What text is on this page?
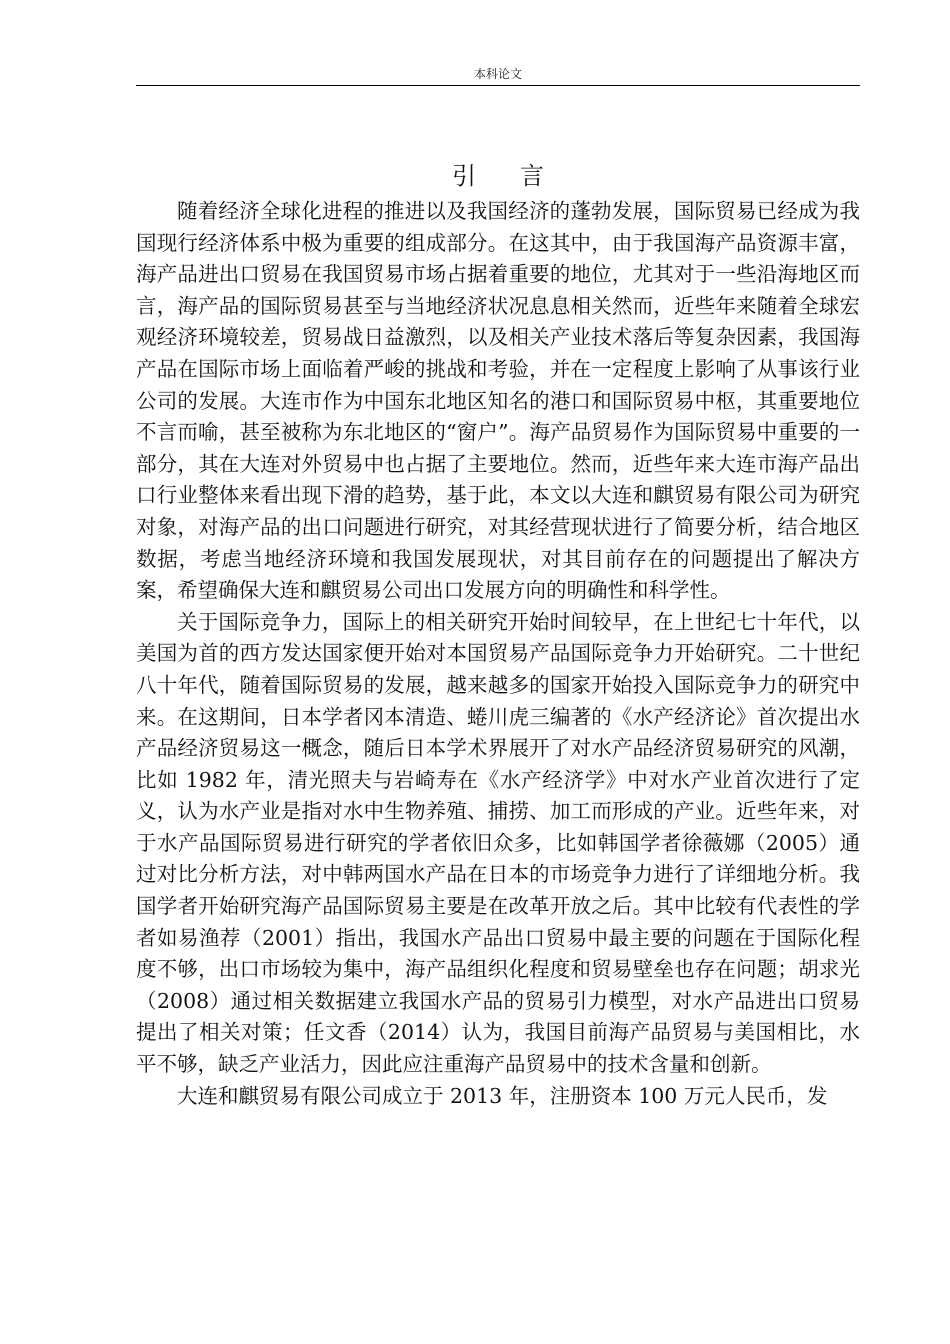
本科论文
引言

随着经济全球化进程的推进以及我国经济的蓬勃发展，国际贸易已经成为我国现行经济体系中极为重要的组成部分。在这其中，由于我国海产品资源丰富，海产品进出口贸易在我国贸易市场占据着重要的地位，尤其对于一些沿海地区而言，海产品的国际贸易甚至与当地经济状况息息相关然而，近些年来随着全球宏观经济环境较差，贸易战日益激烈，以及相关产业技术落后等复杂因素，我国海产品在国际市场上面临着严峻的挑战和考验，并在一定程度上影响了从事该行业公司的发展。大连市作为中国东北地区知名的港口和国际贸易中枢，其重要地位不言而喻，甚至被称为东北地区的“窗户”。海产品贸易作为国际贸易中重要的一部分，其在大连对外贸易中也占据了主要地位。然而，近些年来大连市海产品出口行业整体来看出现下滑的趋势，基于此，本文以大连和麒贸易有限公司为研究对象，对海产品的出口问题进行研究，对其经营现状进行了简要分析，结合地区数据，考虑当地经济环境和我国发展现状，对其目前存在的问题提出了解决方案，希望确保大连和麒贸易公司出口发展方向的明确性和科学性。

关于国际竞争力，国际上的相关研究开始时间较早，在上世纪七十年代，以美国为首的西方发达国家便开始对本国贸易产品国际竞争力开始研究。二十世纪八十年代，随着国际贸易的发展，越来越多的国家开始投入国际竞争力的研究中来。在这期间，日本学者冈本清造、蜷川虎三编著的《水产经济论》首次提出水产品经济贸易这一概念，随后日本学术界展开了对水产品经济贸易研究的风潮，比如 1982 年，清光照夫与岩崎寿在《水产经济学》中对水产业首次进行了定义，认为水产业是指对水中生物养殖、捕捞、加工而形成的产业。近些年来，对于水产品国际贸易进行研究的学者依旧众多，比如韩国学者徐薇娜（2005）通过对比分析方法，对中韩两国水产品在日本的市场竞争力进行了详细地分析。我国学者开始研究海产品国际贸易主要是在改革开放之后。其中比较有代表性的学者如易渔荐（2001）指出，我国水产品出口贸易中最主要的问题在于国际化程度不够，出口市场较为集中，海产品组织化程度和贸易壁垒也存在问题；胡求光（2008）通过相关数据建立我国水产品的贸易引力模型，对水产品进出口贸易提出了相关对策；任文香（2014）认为，我国目前海产品贸易与美国相比，水平不够，缺乏产业活力，因此应注重海产品贸易中的技术含量和创新。

大连和麒贸易有限公司成立于 2013 年，注册资本 100 万元人民币，发
